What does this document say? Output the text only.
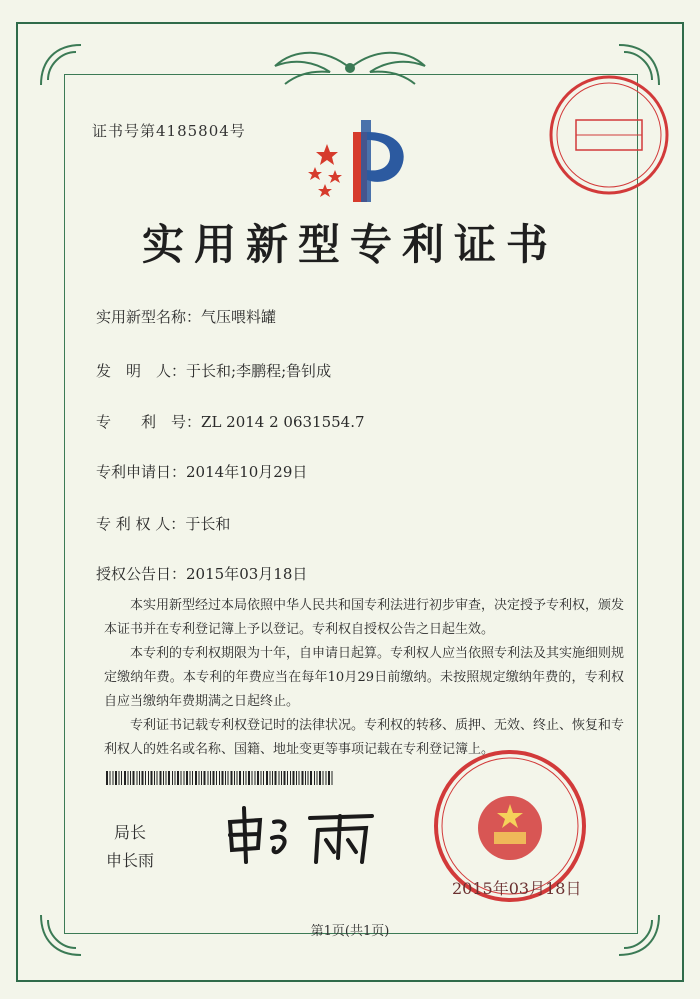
证书号第4185804号
实用新型专利证书
实用新型名称：气压喂料罐
发　明　人：于长和;李鹏程;鲁钊成
专　　利　号：ZL 2014 2 0631554.7
专利申请日：2014年10月29日
专 利 权 人：于长和
授权公告日：2015年03月18日
本实用新型经过本局依照中华人民共和国专利法进行初步审查，决定授予专利权，颁发本证书并在专利登记簿上予以登记。专利权自授权公告之日起生效。
本专利的专利权期限为十年，自申请日起算。专利权人应当依照专利法及其实施细则规定缴纳年费。本专利的年费应当在每年10月29日前缴纳。未按照规定缴纳年费的，专利权自应当缴纳年费期满之日起终止。
专利证书记载专利权登记时的法律状况。专利权的转移、质押、无效、终止、恢复和专利权人的姓名或名称、国籍、地址变更等事项记载在专利登记簿上。
局长
申长雨
2015年03月18日
第1页(共1页)
